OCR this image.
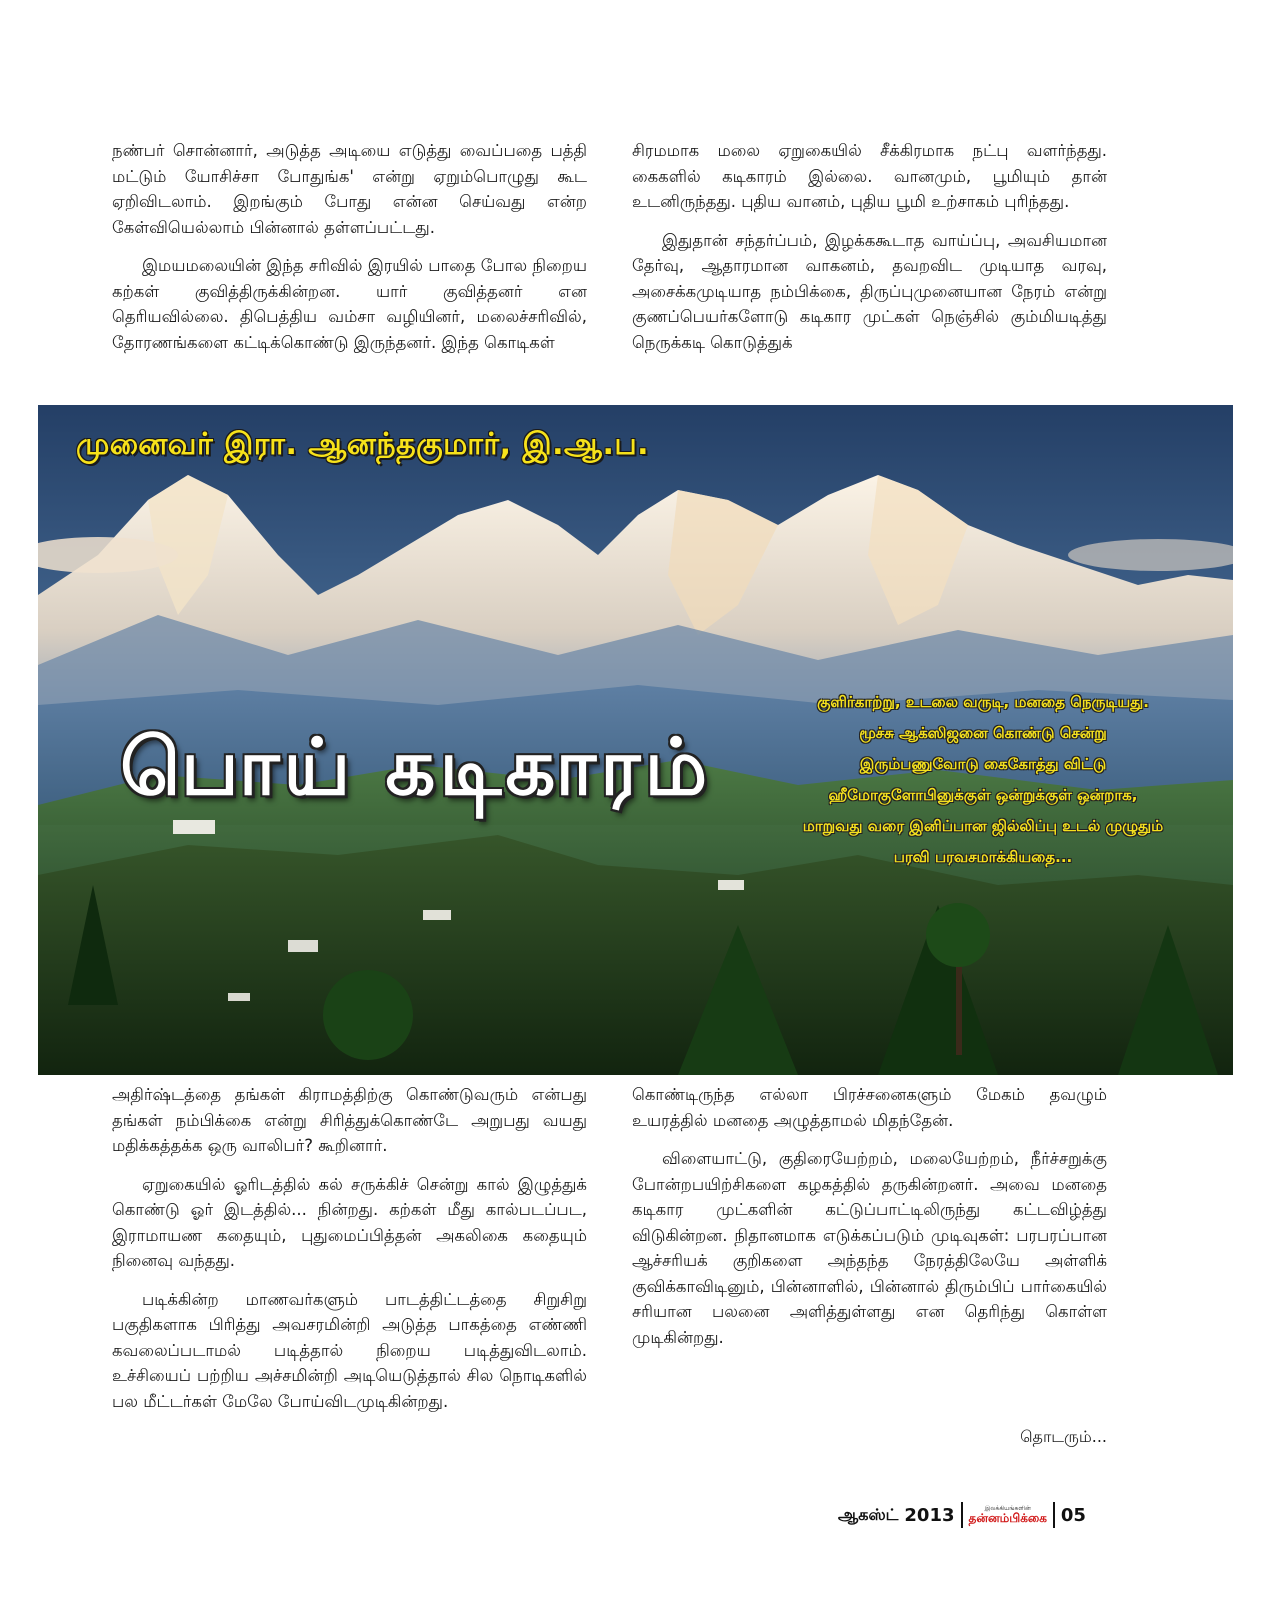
நண்பர் சொன்னார், அடுத்த அடியை எடுத்து வைப்பதை பத்தி மட்டும் யோசிச்சா போதுங்க' என்று ஏறும்பொழுது கூட ஏறிவிடலாம். இறங்கும் போது என்ன செய்வது என்ற கேள்வியெல்லாம் பின்னால் தள்ளப்பட்டது.

இமயமலையின் இந்த சரிவில் இரயில் பாதை போல நிறைய கற்கள் குவித்திருக்கின்றன. யார் குவித்தனர் என தெரியவில்லை. திபெத்திய வம்சா வழியினர், மலைச்சரிவில், தோரணங்களை கட்டிக்கொண்டு இருந்தனர். இந்த கொடிகள்

சிரமமாக மலை ஏறுகையில் சீக்கிரமாக நட்பு வளர்ந்தது. கைகளில் கடிகாரம் இல்லை. வானமும், பூமியும் தான் உடனிருந்தது. புதிய வானம், புதிய பூமி உற்சாகம் புரிந்தது.

இதுதான் சந்தர்ப்பம், இழக்ககூடாத வாய்ப்பு, அவசியமான தேர்வு, ஆதாரமான வாகனம், தவறவிட முடியாத வரவு, அசைக்கமுடியாத நம்பிக்கை, திருப்புமுனையான நேரம் என்று குணப்பெயர்களோடு கடிகார முட்கள் நெஞ்சில் கும்மியடித்து நெருக்கடி கொடுத்துக்

முனைவர் இரா. ஆனந்தகுமார், இ.ஆ.ப.
பொய் கடிகாரம்
குளிர்காற்று, உடலை வருடி, மனதை நெருடியது.
மூச்சு ஆக்ஸிஜனை கொண்டு சென்று
இரும்பணுவோடு கைகோத்து விட்டு
ஹீமோகுளோபினுக்குள் ஒன்றுக்குள் ஒன்றாக,
மாறுவது வரை இனிப்பான ஜில்லிப்பு உடல் முழுதும்
பரவி பரவசமாக்கியதை...

அதிர்ஷ்டத்தை தங்கள் கிராமத்திற்கு கொண்டுவரும் என்பது தங்கள் நம்பிக்கை என்று சிரித்துக்கொண்டே அறுபது வயது மதிக்கத்தக்க ஒரு வாலிபர்? கூறினார்.

ஏறுகையில் ஓரிடத்தில் கல் சருக்கிச் சென்று கால் இழுத்துக் கொண்டு ஓர் இடத்தில்... நின்றது. கற்கள் மீது கால்படப்பட, இராமாயண கதையும், புதுமைப்பித்தன் அகலிகை கதையும் நினைவு வந்தது.

படிக்கின்ற மாணவர்களும் பாடத்திட்டத்தை சிறுசிறு பகுதிகளாக பிரித்து அவசரமின்றி அடுத்த பாகத்தை எண்ணி கவலைப்படாமல் படித்தால் நிறைய படித்துவிடலாம். உச்சியைப் பற்றிய அச்சமின்றி அடியெடுத்தால் சில நொடிகளில் பல மீட்டர்கள் மேலே போய்விடமுடிகின்றது.

கொண்டிருந்த எல்லா பிரச்சனைகளும் மேகம் தவழும் உயரத்தில் மனதை அழுத்தாமல் மிதந்தேன்.

விளையாட்டு, குதிரையேற்றம், மலையேற்றம், நீர்ச்சறுக்கு போன்றபயிற்சிகளை கழகத்தில் தருகின்றனர். அவை மனதை கடிகார முட்களின் கட்டுப்பாட்டிலிருந்து கட்டவிழ்த்து விடுகின்றன. நிதானமாக எடுக்கப்படும் முடிவுகள்: பரபரப்பான ஆச்சரியக் குறிகளை அந்தந்த நேரத்திலேயே அள்ளிக் குவிக்காவிடினும், பின்னாளில், பின்னால் திரும்பிப் பார்கையில் சரியான பலனை அளித்துள்ளது என தெரிந்து கொள்ள முடிகின்றது.

தொடரும்...
ஆகஸ்ட் 2013	இலக்கியங்களின்
தன்னம்பிக்கை 05
